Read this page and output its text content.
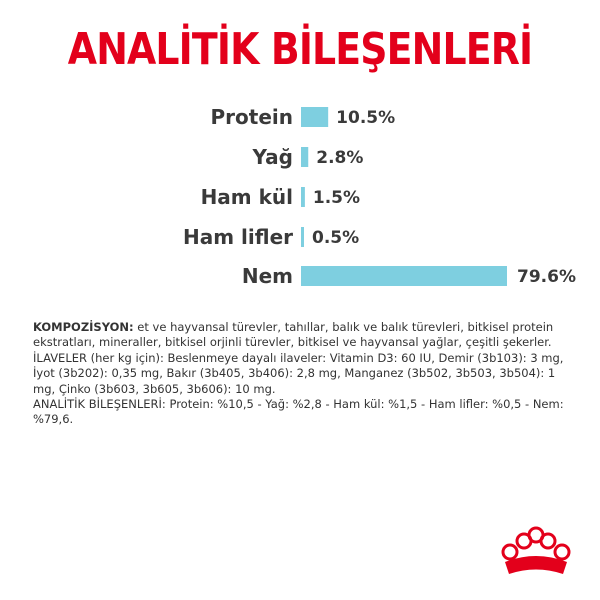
ANALİTİK BİLEŞENLERİ
Protein	10.5%
Yağ 2.8%
Ham kül 1.5%
Ham lifler 0.5%
Nem	79.6%

KOMPOZİSYON: et ve hayvansal türevler, tahıllar, balık ve balık türevleri, bitkisel protein ekstratları, mineraller, bitkisel orjinli türevler, bitkisel ve hayvansal yağlar, çeşitli şekerler.

İLAVELER (her kg için): Beslenmeye dayalı ilaveler: Vitamin D3: 60 IU, Demir (3b103): 3 mg, İyot (3b202): 0,35 mg, Bakır (3b405, 3b406): 2,8 mg, Manganez (3b502, 3b503, 3b504): 1 mg, Çinko (3b603, 3b605, 3b606): 10 mg.

ANALİTİK BİLEŞENLERİ: Protein: %10,5 - Yağ: %2,8 - Ham kül: %1,5 - Ham lifler: %0,5 - Nem: %79,6.
